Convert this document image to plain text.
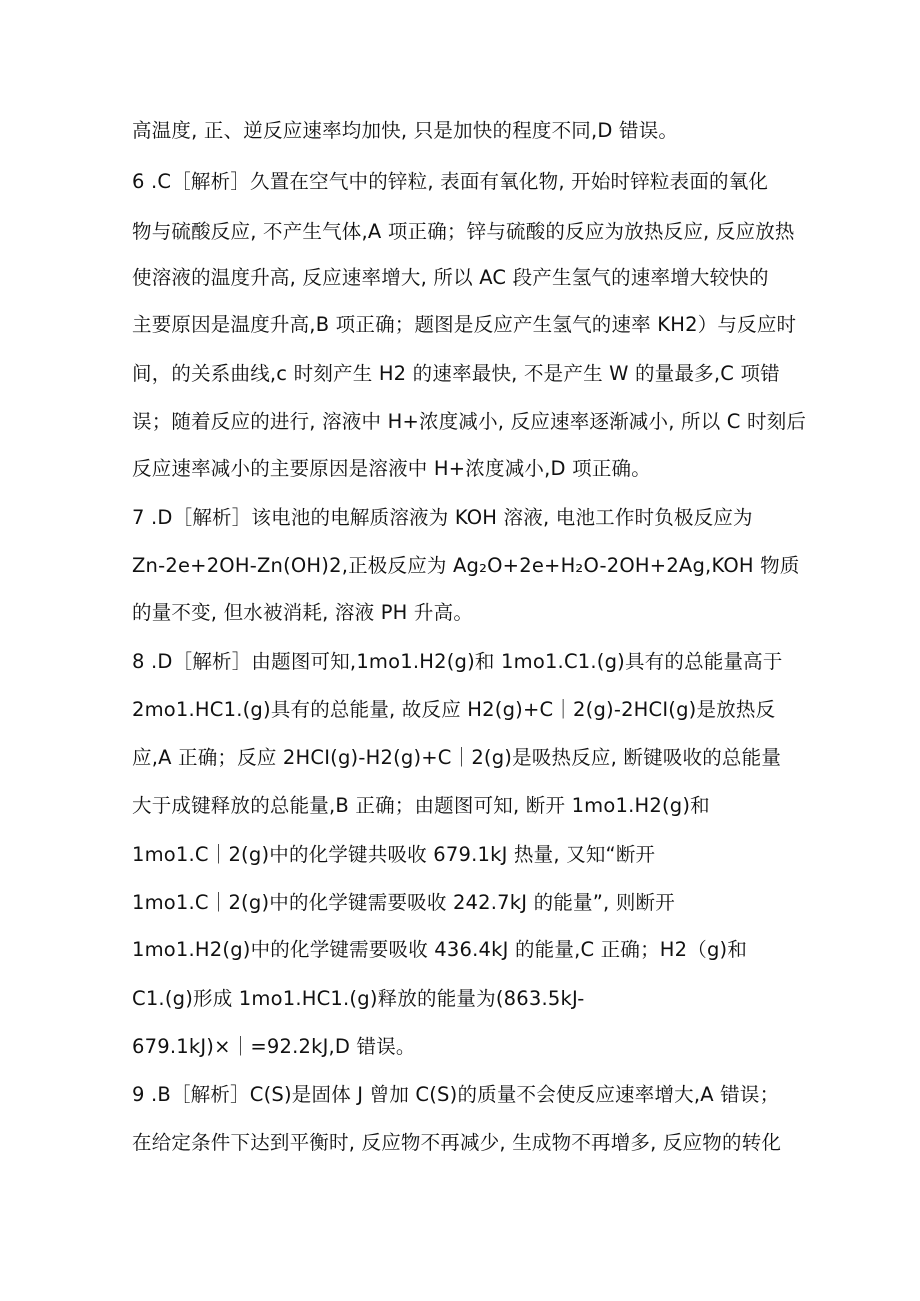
高温度, 正、逆反应速率均加快, 只是加快的程度不同,D 错误。
6 .C［解析］久置在空气中的锌粒, 表面有氧化物, 开始时锌粒表面的氧化
物与硫酸反应, 不产生气体,A 项正确；锌与硫酸的反应为放热反应, 反应放热
使溶液的温度升高, 反应速率增大, 所以 AC 段产生氢气的速率增大较快的
主要原因是温度升高,B 项正确；题图是反应产生氢气的速率 KH2）与反应时
间，的关系曲线,c 时刻产生 H2 的速率最快, 不是产生 W 的量最多,C 项错
误；随着反应的进行, 溶液中 H+浓度减小, 反应速率逐渐减小, 所以 C 时刻后
反应速率减小的主要原因是溶液中 H+浓度减小,D 项正确。
7 .D［解析］该电池的电解质溶液为 KOH 溶液, 电池工作时负极反应为
Zn-2e+2OH-Zn(OH)2,正极反应为 Ag₂O+2e+H₂O-2OH+2Ag,KOH 物质
的量不变, 但水被消耗, 溶液 PH 升高。
8 .D［解析］由题图可知,1mo1.H2(g)和 1mo1.C1.(g)具有的总能量高于
2mo1.HC1.(g)具有的总能量, 故反应 H2(g)+C｜2(g)-2HCI(g)是放热反
应,A 正确；反应 2HCI(g)-H2(g)+C｜2(g)是吸热反应, 断键吸收的总能量
大于成键释放的总能量,B 正确；由题图可知, 断开 1mo1.H2(g)和
1mo1.C｜2(g)中的化学键共吸收 679.1kJ 热量, 又知“断开
1mo1.C｜2(g)中的化学键需要吸收 242.7kJ 的能量”, 则断开
1mo1.H2(g)中的化学键需要吸收 436.4kJ 的能量,C 正确；H2（g)和
C1.(g)形成 1mo1.HC1.(g)释放的能量为(863.5kJ-
679.1kJ)×｜=92.2kJ,D 错误。
9 .B［解析］C(S)是固体 J 曾加 C(S)的质量不会使反应速率增大,A 错误；
在给定条件下达到平衡时, 反应物不再减少, 生成物不再增多, 反应物的转化
